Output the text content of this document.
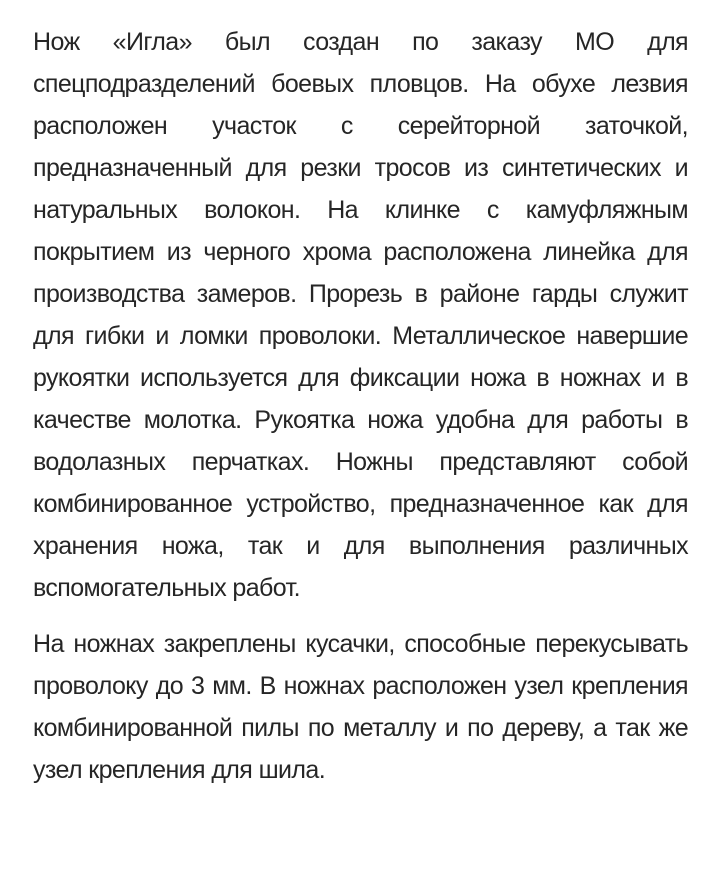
Нож «Игла» был создан по заказу МО для спецподразделений боевых пловцов. На обухе лезвия расположен участок с серейторной заточкой, предназначенный для резки тросов из синтетических и натуральных волокон. На клинке с камуфляжным покрытием из черного хрома расположена линейка для производства замеров. Прорезь в районе гарды служит для гибки и ломки проволоки. Металлическое навершие рукоятки используется для фиксации ножа в ножнах и в качестве молотка. Рукоятка ножа удобна для работы в водолазных перчатках. Ножны представляют собой комбинированное устройство, предназначенное как для хранения ножа, так и для выполнения различных вспомогательных работ.

На ножнах закреплены кусачки, способные перекусывать проволоку до 3 мм. В ножнах расположен узел крепления комбинированной пилы по металлу и по дереву, а так же узел крепления для шила.
